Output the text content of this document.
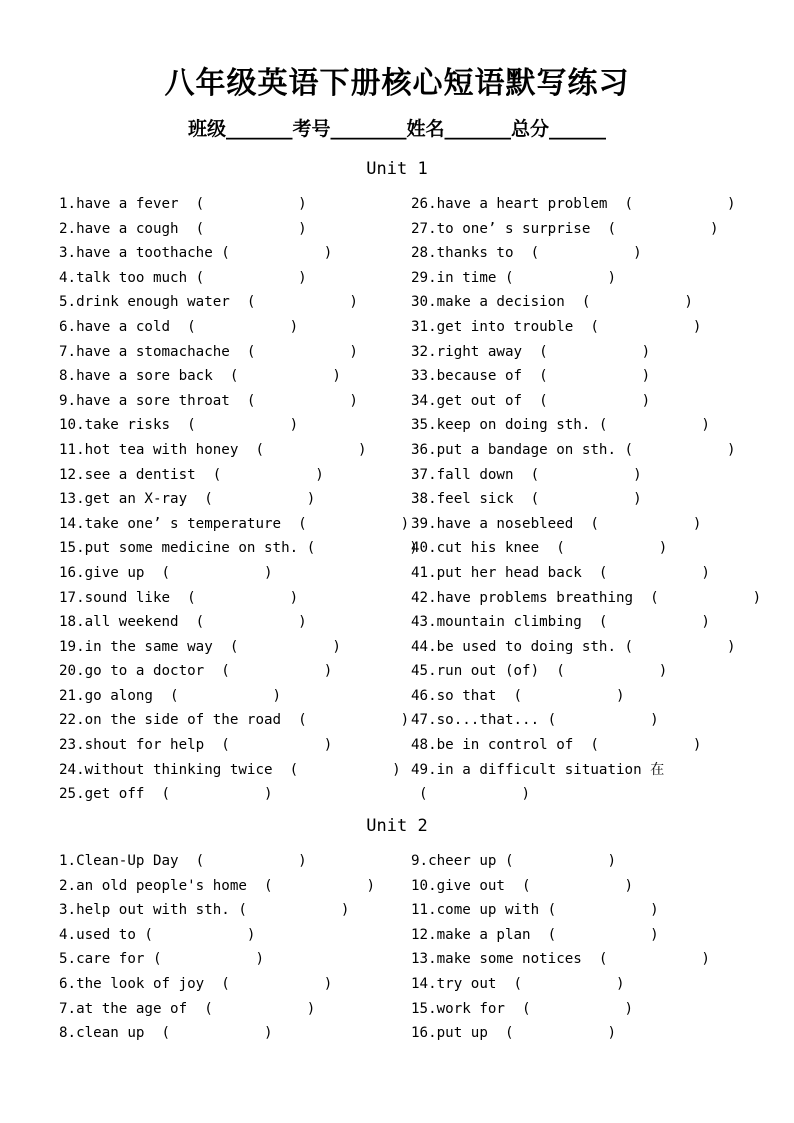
八年级英语下册核心短语默写练习
班级_______考号________姓名_______总分______
Unit 1
1.have a fever  (           )
2.have a cough  (           )
3.have a toothache (           )
4.talk too much (           )
5.drink enough water  (           )
6.have a cold  (           )
7.have a stomachache  (           )
8.have a sore back  (           )
9.have a sore throat  (           )
10.take risks  (           )
11.hot tea with honey  (           )
12.see a dentist  (           )
13.get an X-ray  (           )
14.take one’ s temperature  (           )
15.put some medicine on sth. (           )
16.give up  (           )
17.sound like  (           )
18.all weekend  (           )
19.in the same way  (           )
20.go to a doctor  (           )
21.go along  (           )
22.on the side of the road  (           )
23.shout for help  (           )
24.without thinking twice  (           )
25.get off  (           )
26.have a heart problem  (           )
27.to one’ s surprise  (           )
28.thanks to  (           )
29.in time (           )
30.make a decision  (           )
31.get into trouble  (           )
32.right away  (           )
33.because of  (           )
34.get out of  (           )
35.keep on doing sth. (           )
36.put a bandage on sth. (           )
37.fall down  (           )
38.feel sick  (           )
39.have a nosebleed  (           )
40.cut his knee  (           )
41.put her head back  (           )
42.have problems breathing  (           )
43.mountain climbing  (           )
44.be used to doing sth. (           )
45.run out (of)  (           )
46.so that  (           )
47.so...that... (           )
48.be in control of  (           )
49.in a difficult situation 在
(           )
Unit 2
1.Clean-Up Day  (           )
2.an old people's home  (           )
3.help out with sth. (           )
4.used to (           )
5.care for (           )
6.the look of joy  (           )
7.at the age of  (           )
8.clean up  (           )
9.cheer up (           )
10.give out  (           )
11.come up with (           )
12.make a plan  (           )
13.make some notices  (           )
14.try out  (           )
15.work for  (           )
16.put up  (           )
